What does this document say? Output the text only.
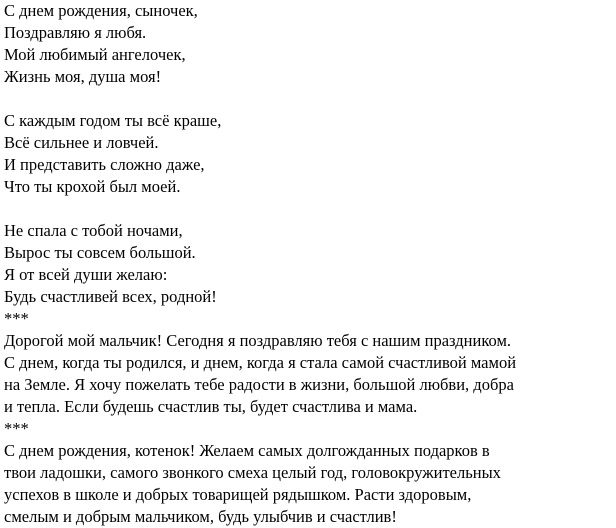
С днем рождения, сыночек,
Поздравляю я любя.
Мой любимый ангелочек,
Жизнь моя, душа моя!
С каждым годом ты всё краше,
Всё сильнее и ловчей.
И представить сложно даже,
Что ты крохой был моей.
Не спала с тобой ночами,
Вырос ты совсем большой.
Я от всей души желаю:
Будь счастливей всех, родной!
***
Дорогой мой мальчик! Сегодня я поздравляю тебя с нашим праздником.
С днем, когда ты родился, и днем, когда я стала самой счастливой мамой
на Земле. Я хочу пожелать тебе радости в жизни, большой любви, добра
и тепла. Если будешь счастлив ты, будет счастлива и мама.
***
С днем рождения, котенок! Желаем самых долгожданных подарков в
твои ладошки, самого звонкого смеха целый год, головокружительных
успехов в школе и добрых товарищей рядышком. Расти здоровым,
смелым и добрым мальчиком, будь улыбчив и счастлив!
